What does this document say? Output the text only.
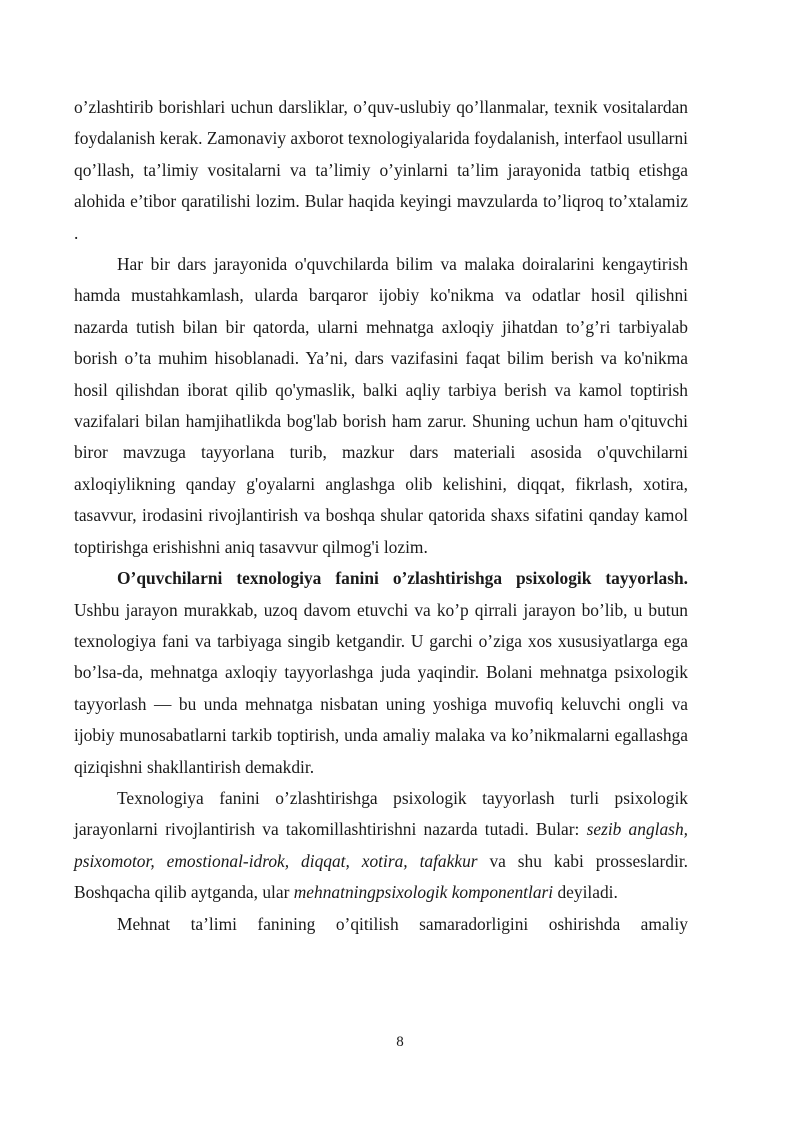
o’zlashtirib borishlari uchun darsliklar, o’quv-uslubiy qo’llanmalar, texnik vositalardan foydalanish kerak. Zamonaviy axborot texnologiyalarida foydalanish, interfaol usullarni qo’llash, ta’limiy vositalarni va ta’limiy o’yinlarni ta’lim jarayonida tatbiq etishga alohida e’tibor qaratilishi lozim. Bular haqida keyingi mavzularda to’liqroq to’xtalamiz .

Har bir dars jarayonida o'quvchilarda bilim va malaka doiralarini kengaytirish hamda mustahkamlash, ularda barqaror ijobiy ko'nikma va odatlar hosil qilishni nazarda tutish bilan bir qatorda, ularni mehnatga axloqiy jihatdan to’g’ri tarbiyalab borish o’ta muhim hisoblanadi. Ya’ni, dars vazifasini faqat bilim berish va ko'nikma hosil qilishdan iborat qilib qo'ymaslik, balki aqliy tarbiya berish va kamol toptirish vazifalari bilan hamjihatlikda bog'lab borish ham zarur. Shuning uchun ham o'qituvchi biror mavzuga tayyorlana turib, mazkur dars materiali asosida o'quvchilarni axloqiylikning qanday g'oyalarni anglashga olib kelishini, diqqat, fikrlash, xotira, tasavvur, irodasini rivojlantirish va boshqa shular qatorida shaxs sifatini qanday kamol toptirishga erishishni aniq tasavvur qilmog'i lozim.

O’quvchilarni texnologiya fanini o’zlashtirishga psixologik tayyorlash. Ushbu jarayon murakkab, uzoq davom etuvchi va ko’p qirrali jarayon bo’lib, u butun texnologiya fani va tarbiyaga singib ketgandir. U garchi o’ziga xos xususiyatlarga ega bo’lsa-da, mehnatga axloqiy tayyorlashga juda yaqindir. Bolani mehnatga psixologik tayyorlash — bu unda mehnatga nisbatan uning yoshiga muvofiq keluvchi ongli va ijobiy munosabatlarni tarkib toptirish, unda amaliy malaka va ko’nikmalarni egallashga qiziqishni shakllantirish demakdir.

Texnologiya fanini o’zlashtirishga psixologik tayyorlash turli psixologik jarayonlarni rivojlantirish va takomillashtirishni nazarda tutadi. Bular: sezib anglash, psixomotor, emostional-idrok, diqqat, xotira, tafakkur va shu kabi prosseslardir. Boshqacha qilib aytganda, ular mehnatningpsixologik komponentlari deyiladi.

Mehnat ta’limi fanining o’qitilish samaradorligini oshirishda amaliy

8
